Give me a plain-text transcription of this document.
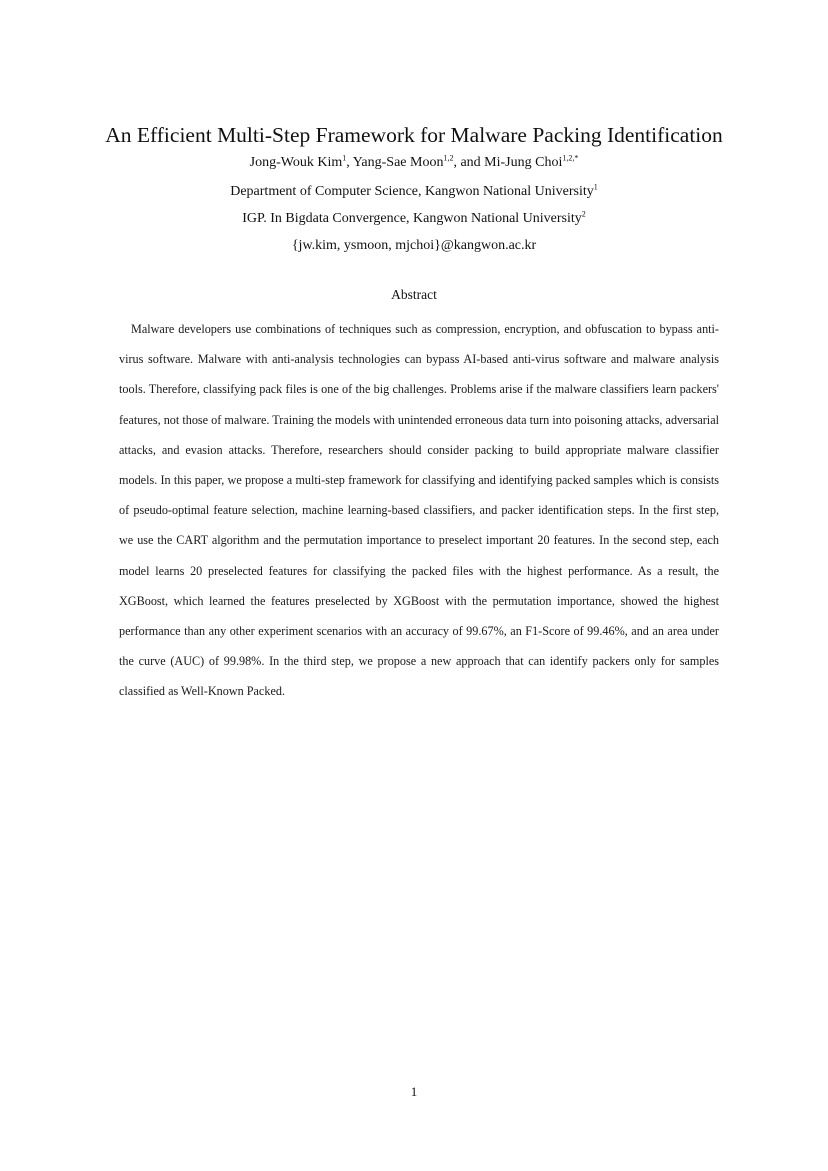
An Efficient Multi-Step Framework for Malware Packing Identification
Jong-Wouk Kim$^1$, Yang-Sae Moon$^{1,2}$, and Mi-Jung Choi$^{1,2,*}$
Department of Computer Science, Kangwon National University$^1$
IGP. In Bigdata Convergence, Kangwon National University$^2$
{jw.kim, ysmoon, mjchoi}@kangwon.ac.kr
Abstract

Malware developers use combinations of techniques such as compression, encryption, and obfuscation to bypass anti-virus software. Malware with anti-analysis technologies can bypass AI-based anti-virus software and malware analysis tools. Therefore, classifying pack files is one of the big challenges. Problems arise if the malware classifiers learn packers' features, not those of malware. Training the models with unintended erroneous data turn into poisoning attacks, adversarial attacks, and evasion attacks. Therefore, researchers should consider packing to build appropriate malware classifier models. In this paper, we propose a multi-step framework for classifying and identifying packed samples which is consists of pseudo-optimal feature selection, machine learning-based classifiers, and packer identification steps. In the first step, we use the CART algorithm and the permutation importance to preselect important 20 features. In the second step, each model learns 20 preselected features for classifying the packed files with the highest performance. As a result, the XGBoost, which learned the features preselected by XGBoost with the permutation importance, showed the highest performance than any other experiment scenarios with an accuracy of 99.67%, an F1-Score of 99.46%, and an area under the curve (AUC) of 99.98%. In the third step, we propose a new approach that can identify packers only for samples classified as Well-Known Packed.

1
